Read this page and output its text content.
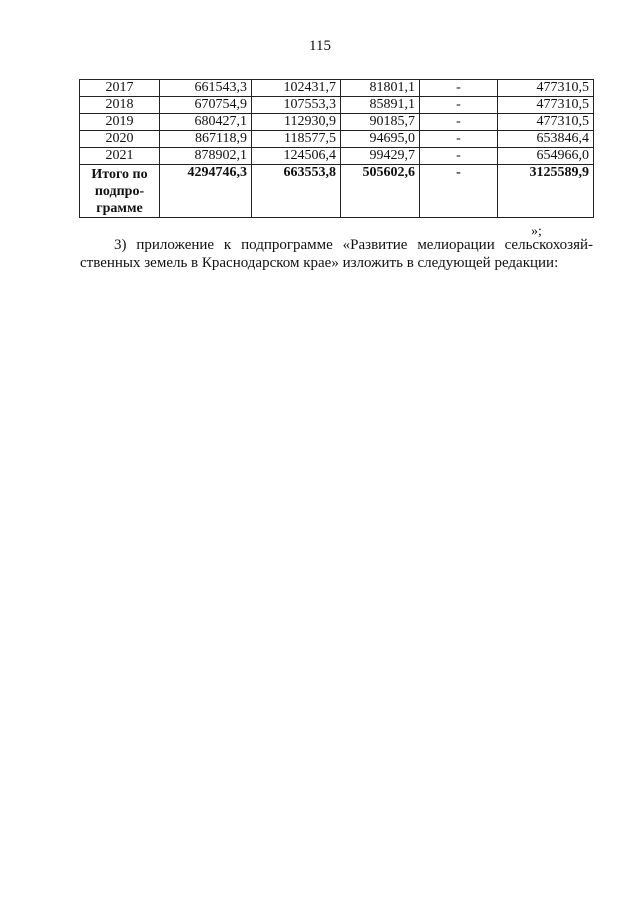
115
2017	661543,3	102431,7	81801,1	-	477310,5
2018	670754,9	107553,3	85891,1	-	477310,5
2019	680427,1	112930,9	90185,7	-	477310,5
2020	867118,9	118577,5	94695,0	-	653846,4
2021	878902,1	124506,4	99429,7	-	654966,0
Итого по подпро-грамме	4294746,3	663553,8	505602,6	-	3125589,9
»;
3) приложение к подпрограмме «Развитие мелиорации сельскохозяй-ственных земель в Краснодарском крае» изложить в следующей редакции:
